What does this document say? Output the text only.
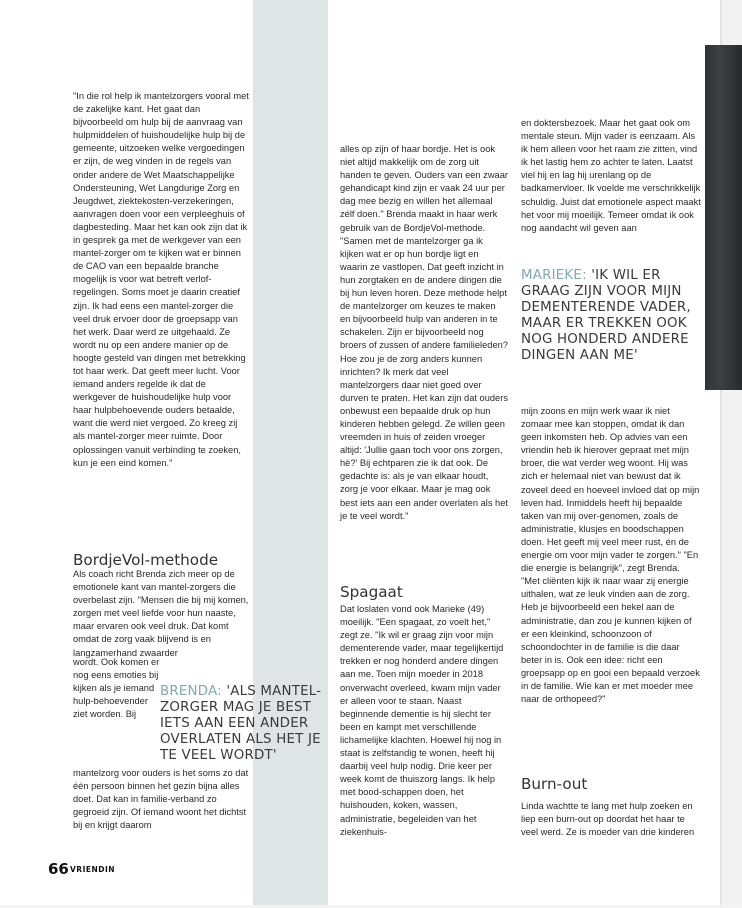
"In die rol help ik mantelzorgers vooral met de zakelijke kant. Het gaat dan bijvoorbeeld om hulp bij de aanvraag van hulpmiddelen of huishoudelijke hulp bij de gemeente, uitzoeken welke vergoedingen er zijn, de weg vinden in de regels van onder andere de Wet Maatschappelijke Ondersteuning, Wet Langdurige Zorg en Jeugdwet, ziektekosten-verzekeringen, aanvragen doen voor een verpleeghuis of dagbesteding. Maar het kan ook zijn dat ik in gesprek ga met de werkgever van een mantel-zorger om te kijken wat er binnen de CAO van een bepaalde branche mogelijk is voor wat betreft verlof-regelingen. Soms moet je daarin creatief zijn. Ik had eens een mantel-zorger die veel druk ervoer door de groepsapp van het werk. Daar werd ze uitgehaald. Ze wordt nu op een andere manier op de hoogte gesteld van dingen met betrekking tot haar werk. Dat geeft meer lucht. Voor iemand anders regelde ik dat de werkgever de huishoudelijke hulp voor haar hulpbehoevende ouders betaalde, want die werd niet vergoed. Zo kreeg zij als mantel-zorger meer ruimte. Door oplossingen vanuit verbinding te zoeken, kun je een eind komen."

BordjeVol-methode

Als coach richt Brenda zich meer op de emotionele kant van mantel-zorgers die overbelast zijn. "Mensen die bij mij komen, zorgen met veel liefde voor hun naaste, maar ervaren ook veel druk. Dat komt omdat de zorg vaak blijvend is en langzamerhand zwaarder

wordt. Ook komen er nog eens emoties bij kijken als je iemand hulp-behoevender ziet worden. Bij

mantelzorg voor ouders is het soms zo dat één persoon binnen het gezin bijna alles doet. Dat kan in familie-verband zo gegroeid zijn. Of iemand woont het dichtst bij en krijgt daarom

BRENDA: 'ALS MANTEL-ZORGER MAG JE BEST IETS AAN EEN ANDER OVERLATEN ALS HET JE TE VEEL WORDT'

alles op zijn of haar bordje. Het is ook niet altijd makkelijk om de zorg uit handen te geven. Ouders van een zwaar gehandicapt kind zijn er vaak 24 uur per dag mee bezig en willen het allemaal zélf doen." Brenda maakt in haar werk gebruik van de BordjeVol-methode. "Samen met de mantelzorger ga ik kijken wat er op hun bordje ligt en waarin ze vastlopen. Dat geeft inzicht in hun zorgtaken en de andere dingen die bij hun leven horen. Deze methode helpt de mantelzorger om keuzes te maken en bijvoorbeeld hulp van anderen in te schakelen. Zijn er bijvoorbeeld nog broers of zussen of andere familieleden? Hoe zou je de zorg anders kunnen inrichten? Ik merk dat veel mantelzorgers daar niet goed over durven te praten. Het kan zijn dat ouders onbewust een bepaalde druk op hun kinderen hebben gelegd. Ze willen geen vreemden in huis of zeiden vroeger altijd: 'Jullie gaan toch voor ons zorgen, hè?' Bij echtparen zie ik dat ook. De gedachte is: als je van elkaar houdt, zorg je voor elkaar. Maar je mag ook best iets aan een ander overlaten als het je te veel wordt."

Spagaat

Dat loslaten vond ook Marieke (49) moeilijk. "Een spagaat, zo voelt het," zegt ze. "Ik wil er graag zijn voor mijn dementerende vader, maar tegelijkertijd trekken er nog honderd andere dingen aan me. Toen mijn moeder in 2018 onverwacht overleed, kwam mijn vader er alleen voor te staan. Naast beginnende dementie is hij slecht ter been en kampt met verschillende lichamelijke klachten. Hoewel hij nog in staat is zelfstandig te wonen, heeft hij daarbij veel hulp nodig. Drie keer per week komt de thuiszorg langs. Ik help met bood-schappen doen, het huishouden, koken, wassen, administratie, begeleiden van het ziekenhuis-

en doktersbezoek. Maar het gaat ook om mentale steun. Mijn vader is eenzaam. Als ik hem alleen voor het raam zie zitten, vind ik het lastig hem zo achter te laten. Laatst viel hij en lag hij urenlang op de badkamervloer. Ik voelde me verschrikkelijk schuldig. Juist dat emotionele aspect maakt het voor mij moeilijk. Temeer omdat ik ook nog aandacht wil geven aan

MARIEKE: 'IK WIL ER GRAAG ZIJN VOOR MIJN DEMENTERENDE VADER, MAAR ER TREKKEN OOK NOG HONDERD ANDERE DINGEN AAN ME'

mijn zoons en mijn werk waar ik niet zomaar mee kan stoppen, omdat ik dan geen inkomsten heb. Op advies van een vriendin heb ik hierover gepraat met mijn broer, die wat verder weg woont. Hij was zich er helemaal niet van bewust dat ik zoveel deed en hoeveel invloed dat op mijn leven had. Inmiddels heeft hij bepaalde taken van mij over-genomen, zoals de administratie, klusjes en boodschappen doen. Het geeft mij veel meer rust, én de energie om voor mijn vader te zorgen." "En die energie is belangrijk", zegt Brenda. "Met cliënten kijk ik naar waar zij energie uithalen, wat ze leuk vinden aan de zorg. Heb je bijvoorbeeld een hekel aan de administratie, dan zou je kunnen kijken of er een kleinkind, schoonzoon of schoondochter in de familie is die daar beter in is. Ook een idee: richt een groepsapp op en gooi een bepaald verzoek in de familie. Wie kan er met moeder mee naar de orthopeed?"

Burn-out

Linda wachtte te lang met hulp zoeken en liep een burn-out op doordat het haar te veel werd. Ze is moeder van drie kinderen

66 VRIENDIN
